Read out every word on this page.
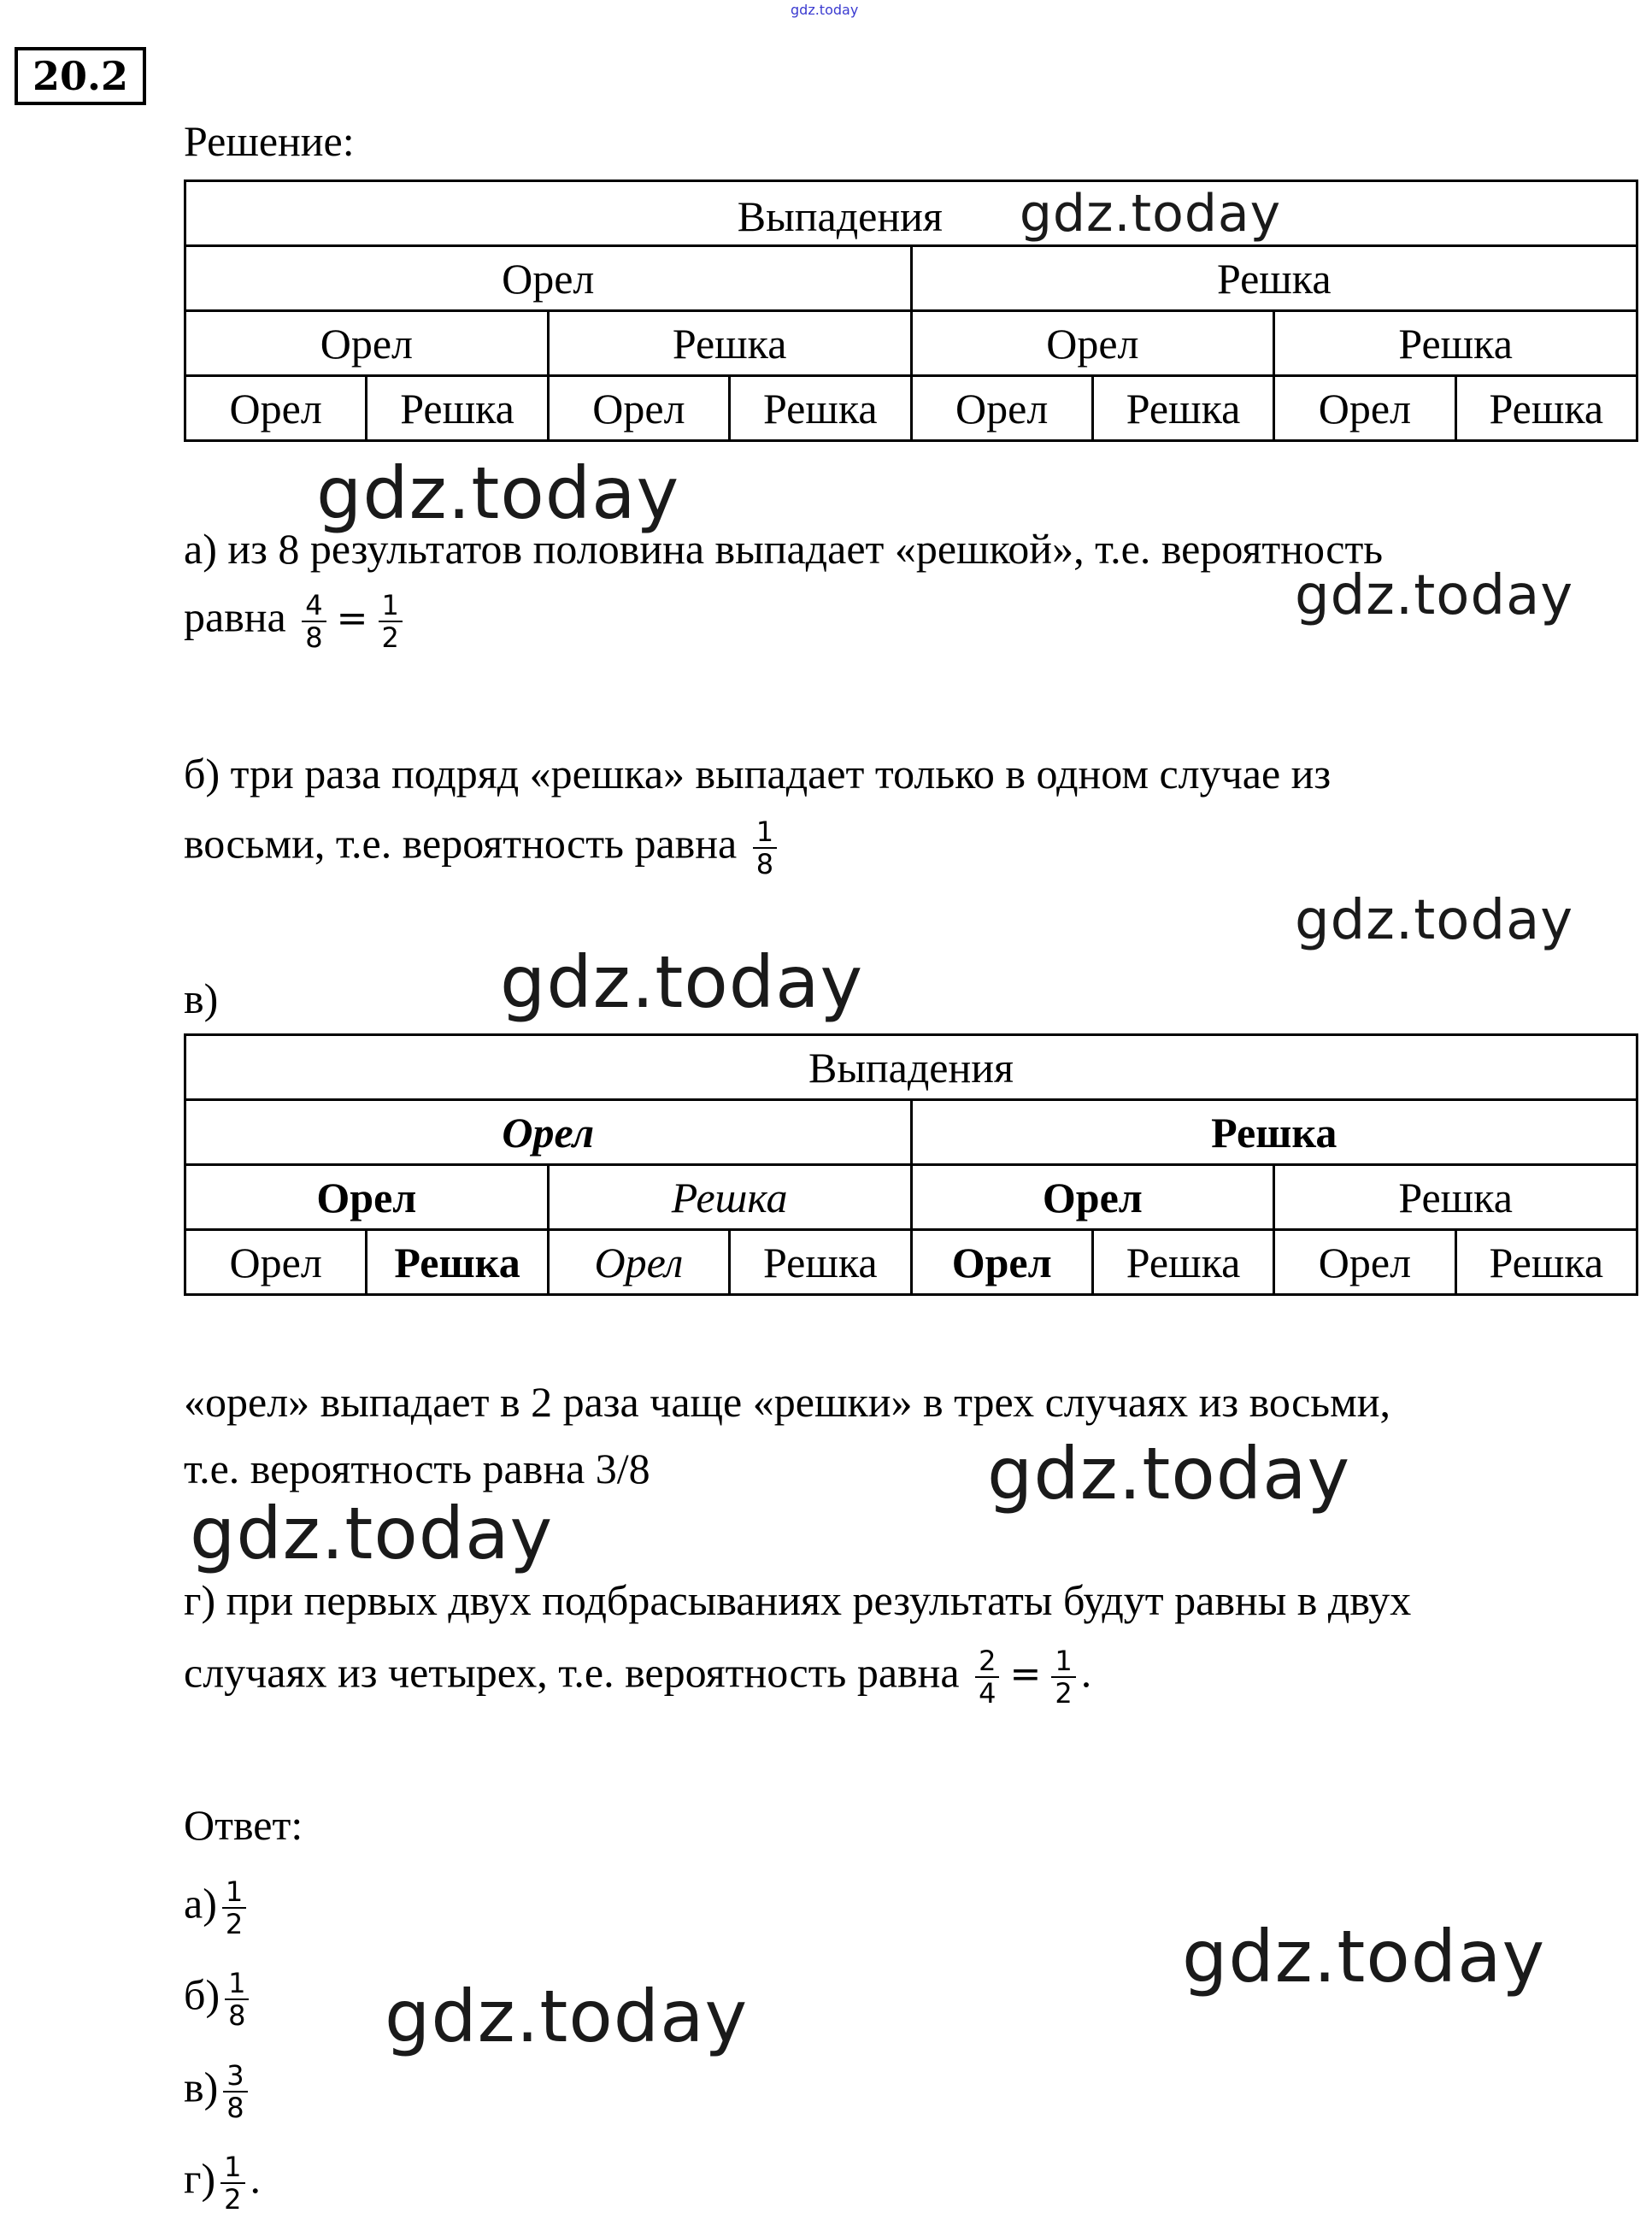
gdz.today
20.2
Решение:
Выпадения gdz.today							
Орел				Решка			
Орел		Решка		Орел		Решка	
Орел	Решка	Орел	Решка	Орел	Решка	Орел	Решка
gdz.today
а) из 8 результатов половина выпадает «решкой», т.е. вероятность
gdz.today
равна $\frac{4}{8} = \frac{1}{2}$
б) три раза подряд «решка» выпадает только в одном случае из
восьми, т.е. вероятность равна $\frac{1}{8}$
gdz.today
в)	gdz.today
Выпадения							
Орел				Решка			
Орел		Решка		Орел		Решка	
Орел	Решка	Орел	Решка	Орел	Решка	Орел	Решка
«орел» выпадает в 2 раза чаще «решки» в трех случаях из восьми,
т.е. вероятность равна 3/8	gdz.today
gdz.today
г) при первых двух подбрасываниях результаты будут равны в двух
случаях из четырех, т.е. вероятность равна $\frac{2}{4} = \frac{1}{2}$ .
Ответ:
$а) \frac{1}{2}$
$б) \frac{1}{8}$
$в) \frac{3}{8}$
$г) \frac{1}{2}$ .
gdz.today
gdz.today
